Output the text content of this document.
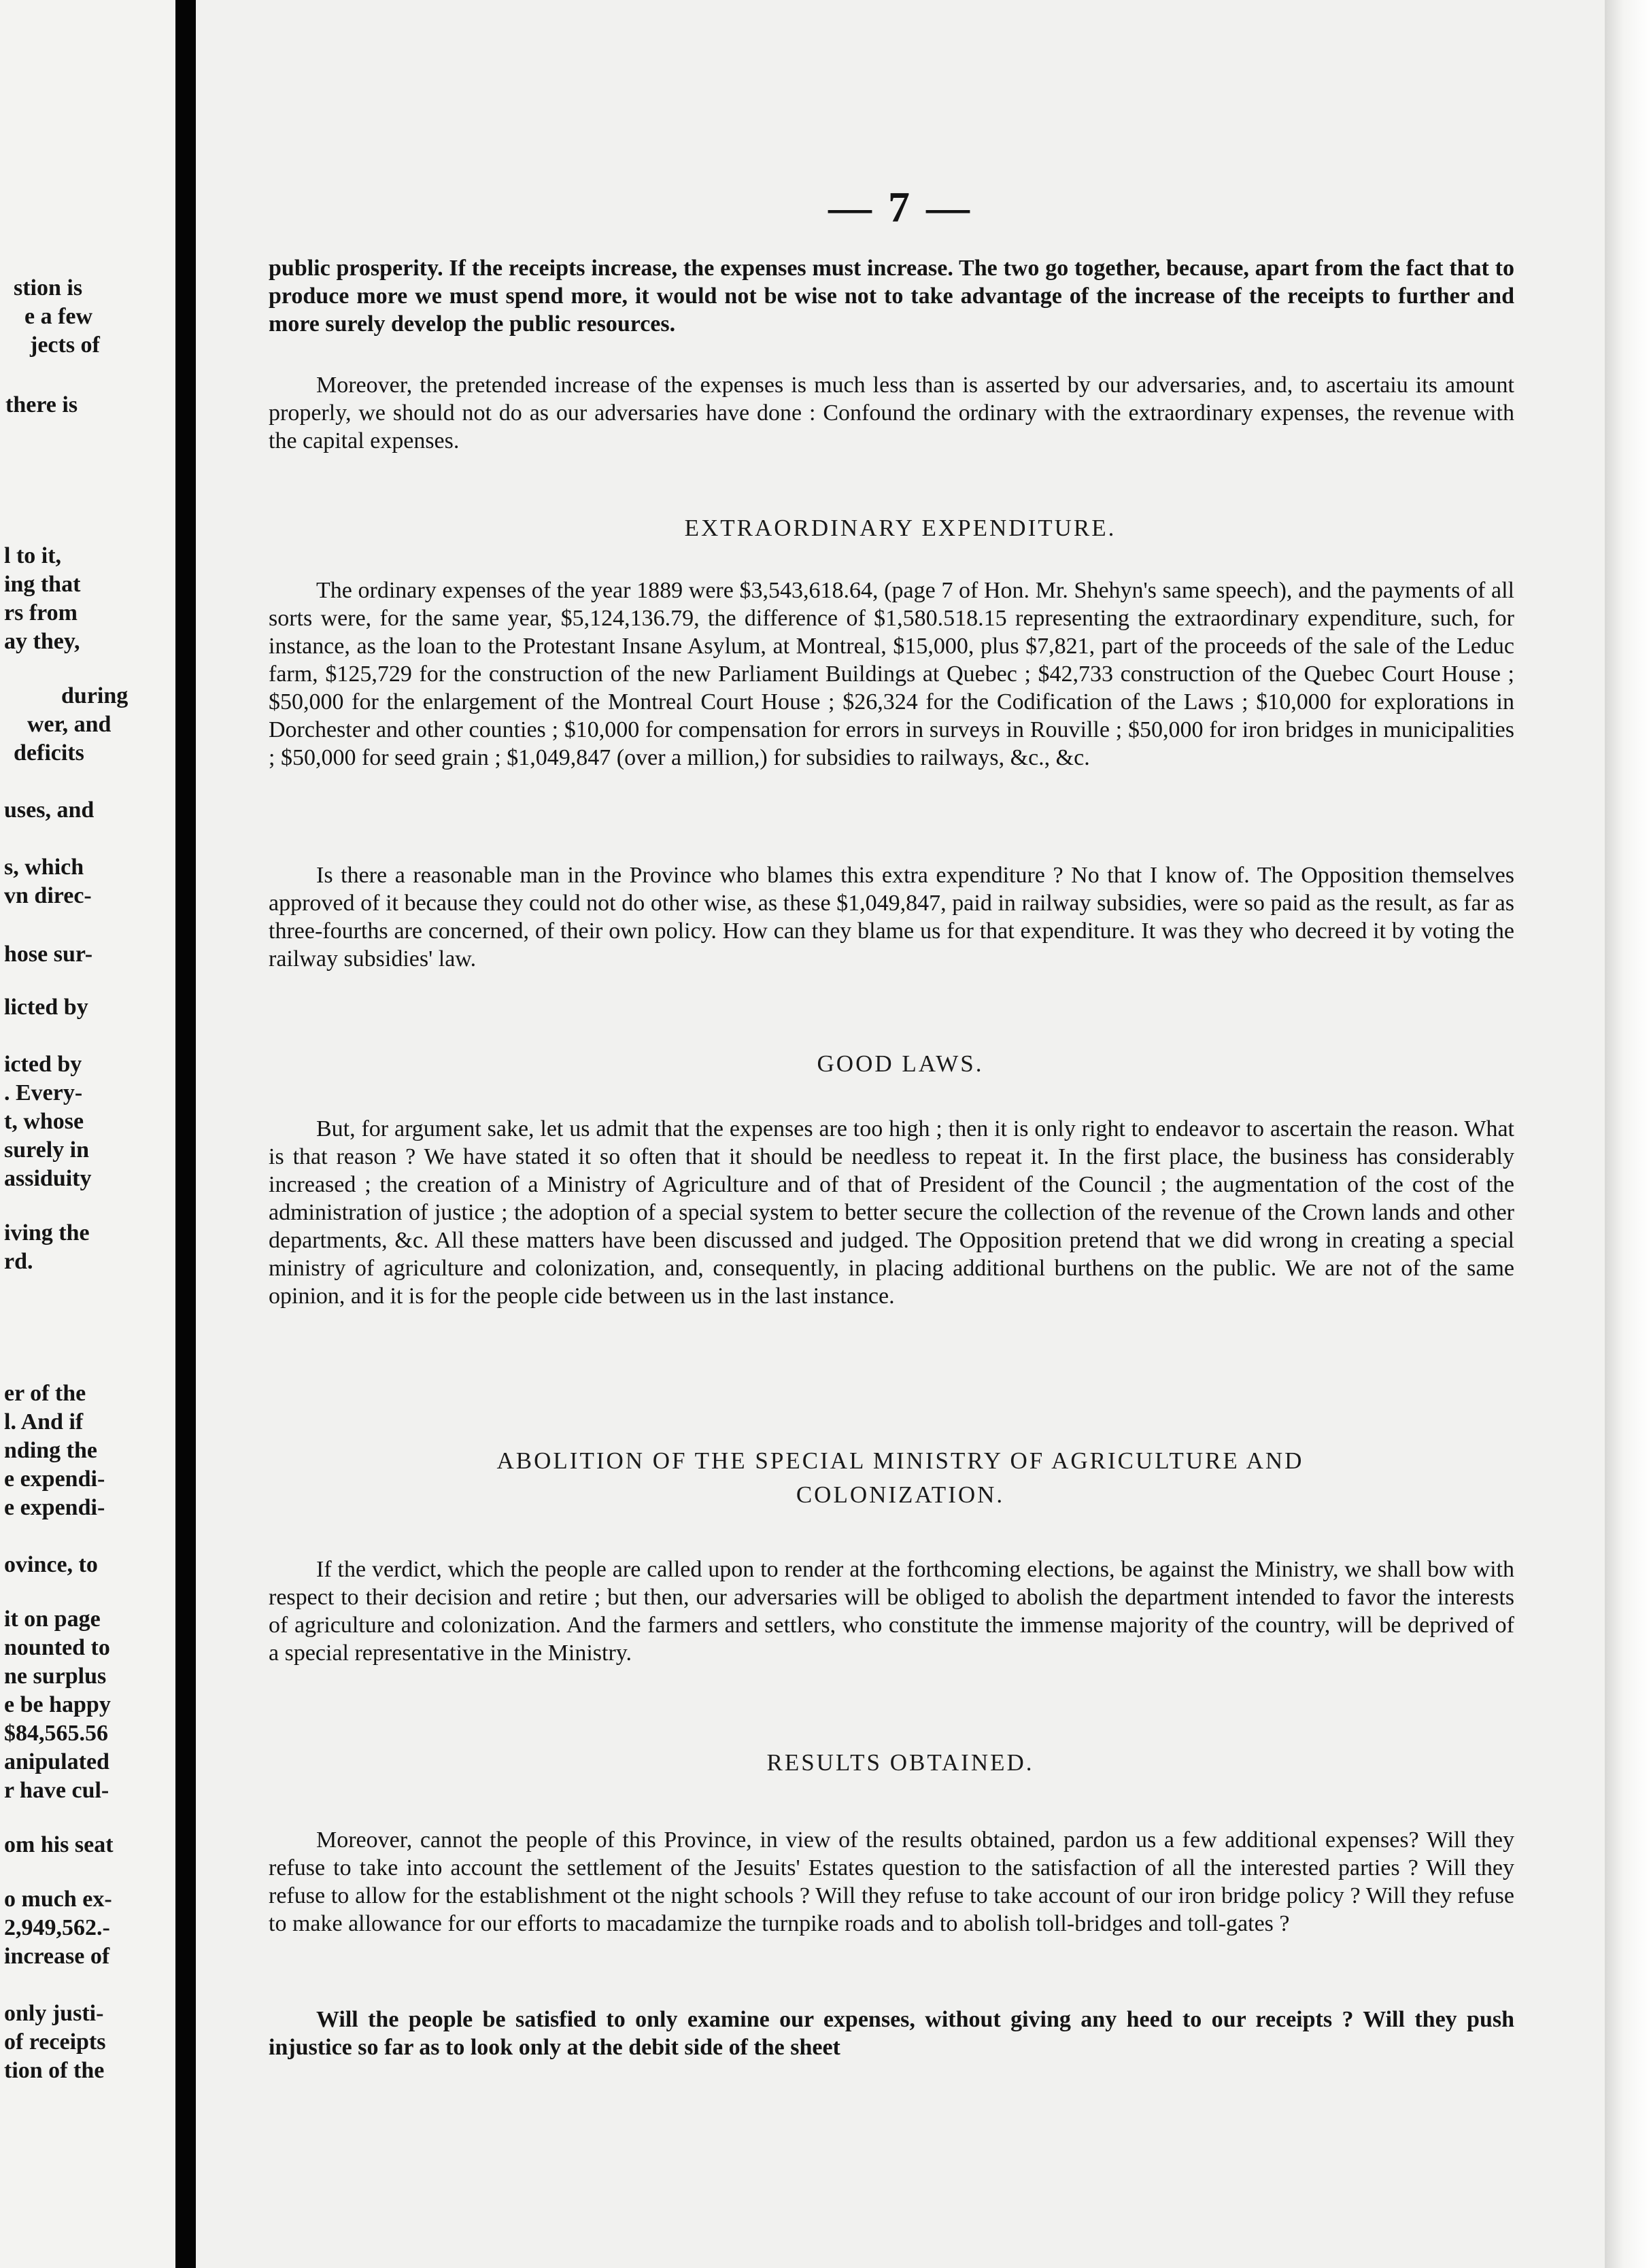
stion is
e a few
jects of
there is
l to it,
ing that
rs from
ay they,
during
wer, and
deficits
uses, and
s, which
vn direc-
hose sur-
licted by
icted by
. Every-
t, whose
surely in
assiduity
iving the
rd.
er of the
l. And if
nding the
e expendi-
e expendi-
ovince, to
it on page
nounted to
ne surplus
e be happy
$84,565.56
anipulated
r have cul-
om his seat
o much ex-
2,949,562.-
increase of
only justi-
of receipts
tion of the
— 7 —
public prosperity. If the receipts increase, the expenses must increase. The two go together, because, apart from the fact that to produce more we must spend more, it would not be wise not to take advantage of the increase of the receipts to further and more surely develop the public resources.
Moreover, the pretended increase of the expenses is much less than is asserted by our adversaries, and, to ascertaiu its amount properly, we should not do as our adversaries have done : Confound the ordinary with the extraordinary expenses, the revenue with the capital expenses.
EXTRAORDINARY EXPENDITURE.
The ordinary expenses of the year 1889 were $3,543,618.64, (page 7 of Hon. Mr. Shehyn's same speech), and the payments of all sorts were, for the same year, $5,124,136.79, the difference of $1,580.518.15 representing the extraordinary expenditure, such, for instance, as the loan to the Protestant Insane Asylum, at Montreal, $15,000, plus $7,821, part of the proceeds of the sale of the Leduc farm, $125,729 for the construction of the new Parliament Buildings at Quebec ; $42,733 construction of the Quebec Court House ; $50,000 for the enlargement of the Montreal Court House ; $26,324 for the Codification of the Laws ; $10,000 for explorations in Dorchester and other counties ; $10,000 for compensation for errors in surveys in Rouville ; $50,000 for iron bridges in municipalities ; $50,000 for seed grain ; $1,049,847 (over a million,) for subsidies to railways, &c., &c.
Is there a reasonable man in the Province who blames this extra expenditure ? No that I know of. The Opposition themselves approved of it because they could not do other wise, as these $1,049,847, paid in railway subsidies, were so paid as the result, as far as three-fourths are concerned, of their own policy. How can they blame us for that expenditure. It was they who decreed it by voting the railway subsidies' law.
GOOD LAWS.
But, for argument sake, let us admit that the expenses are too high ; then it is only right to endeavor to ascertain the reason. What is that reason ? We have stated it so often that it should be needless to repeat it. In the first place, the business has considerably increased ; the creation of a Ministry of Agriculture and of that of President of the Council ; the augmentation of the cost of the administration of justice ; the adoption of a special system to better secure the collection of the revenue of the Crown lands and other departments, &c. All these matters have been discussed and judged. The Opposition pretend that we did wrong in creating a special ministry of agriculture and colonization, and, consequently, in placing additional burthens on the public. We are not of the same opinion, and it is for the people cide between us in the last instance.
ABOLITION OF THE SPECIAL MINISTRY OF AGRICULTURE AND
COLONIZATION.
If the verdict, which the people are called upon to render at the forthcoming elections, be against the Ministry, we shall bow with respect to their decision and retire ; but then, our adversaries will be obliged to abolish the department intended to favor the interests of agriculture and colonization. And the farmers and settlers, who constitute the immense majority of the country, will be deprived of a special representative in the Ministry.
RESULTS OBTAINED.
Moreover, cannot the people of this Province, in view of the results obtained, pardon us a few additional expenses? Will they refuse to take into account the settlement of the Jesuits' Estates question to the satisfaction of all the interested parties ? Will they refuse to allow for the establishment ot the night schools ? Will they refuse to take account of our iron bridge policy ? Will they refuse to make allowance for our efforts to macadamize the turnpike roads and to abolish toll-bridges and toll-gates ?
Will the people be satisfied to only examine our expenses, without giving any heed to our receipts ? Will they push injustice so far as to look only at the debit side of the sheet
